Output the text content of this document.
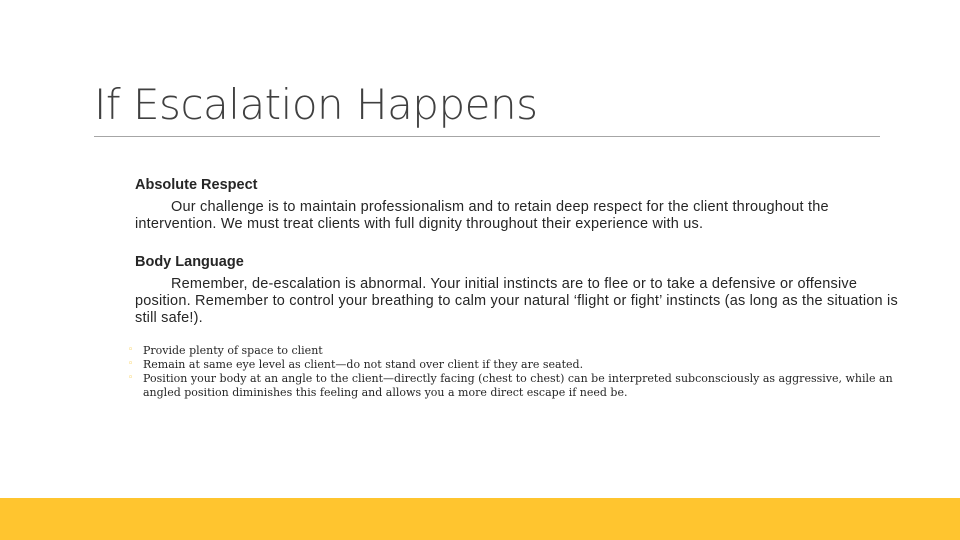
If Escalation Happens
Absolute Respect
Our challenge is to maintain professionalism and to retain deep respect for the client throughout the intervention. We must treat clients with full dignity throughout their experience with us.
Body Language
Remember, de-escalation is abnormal. Your initial instincts are to flee or to take a defensive or offensive position. Remember to control your breathing to calm your natural ‘flight or fight’ instincts (as long as the situation is still safe!).
◦ Provide plenty of space to client
◦ Remain at same eye level as client—do not stand over client if they are seated.
◦ Position your body at an angle to the client—directly facing (chest to chest) can be interpreted subconsciously as aggressive, while an angled position diminishes this feeling and allows you a more direct escape if need be.
